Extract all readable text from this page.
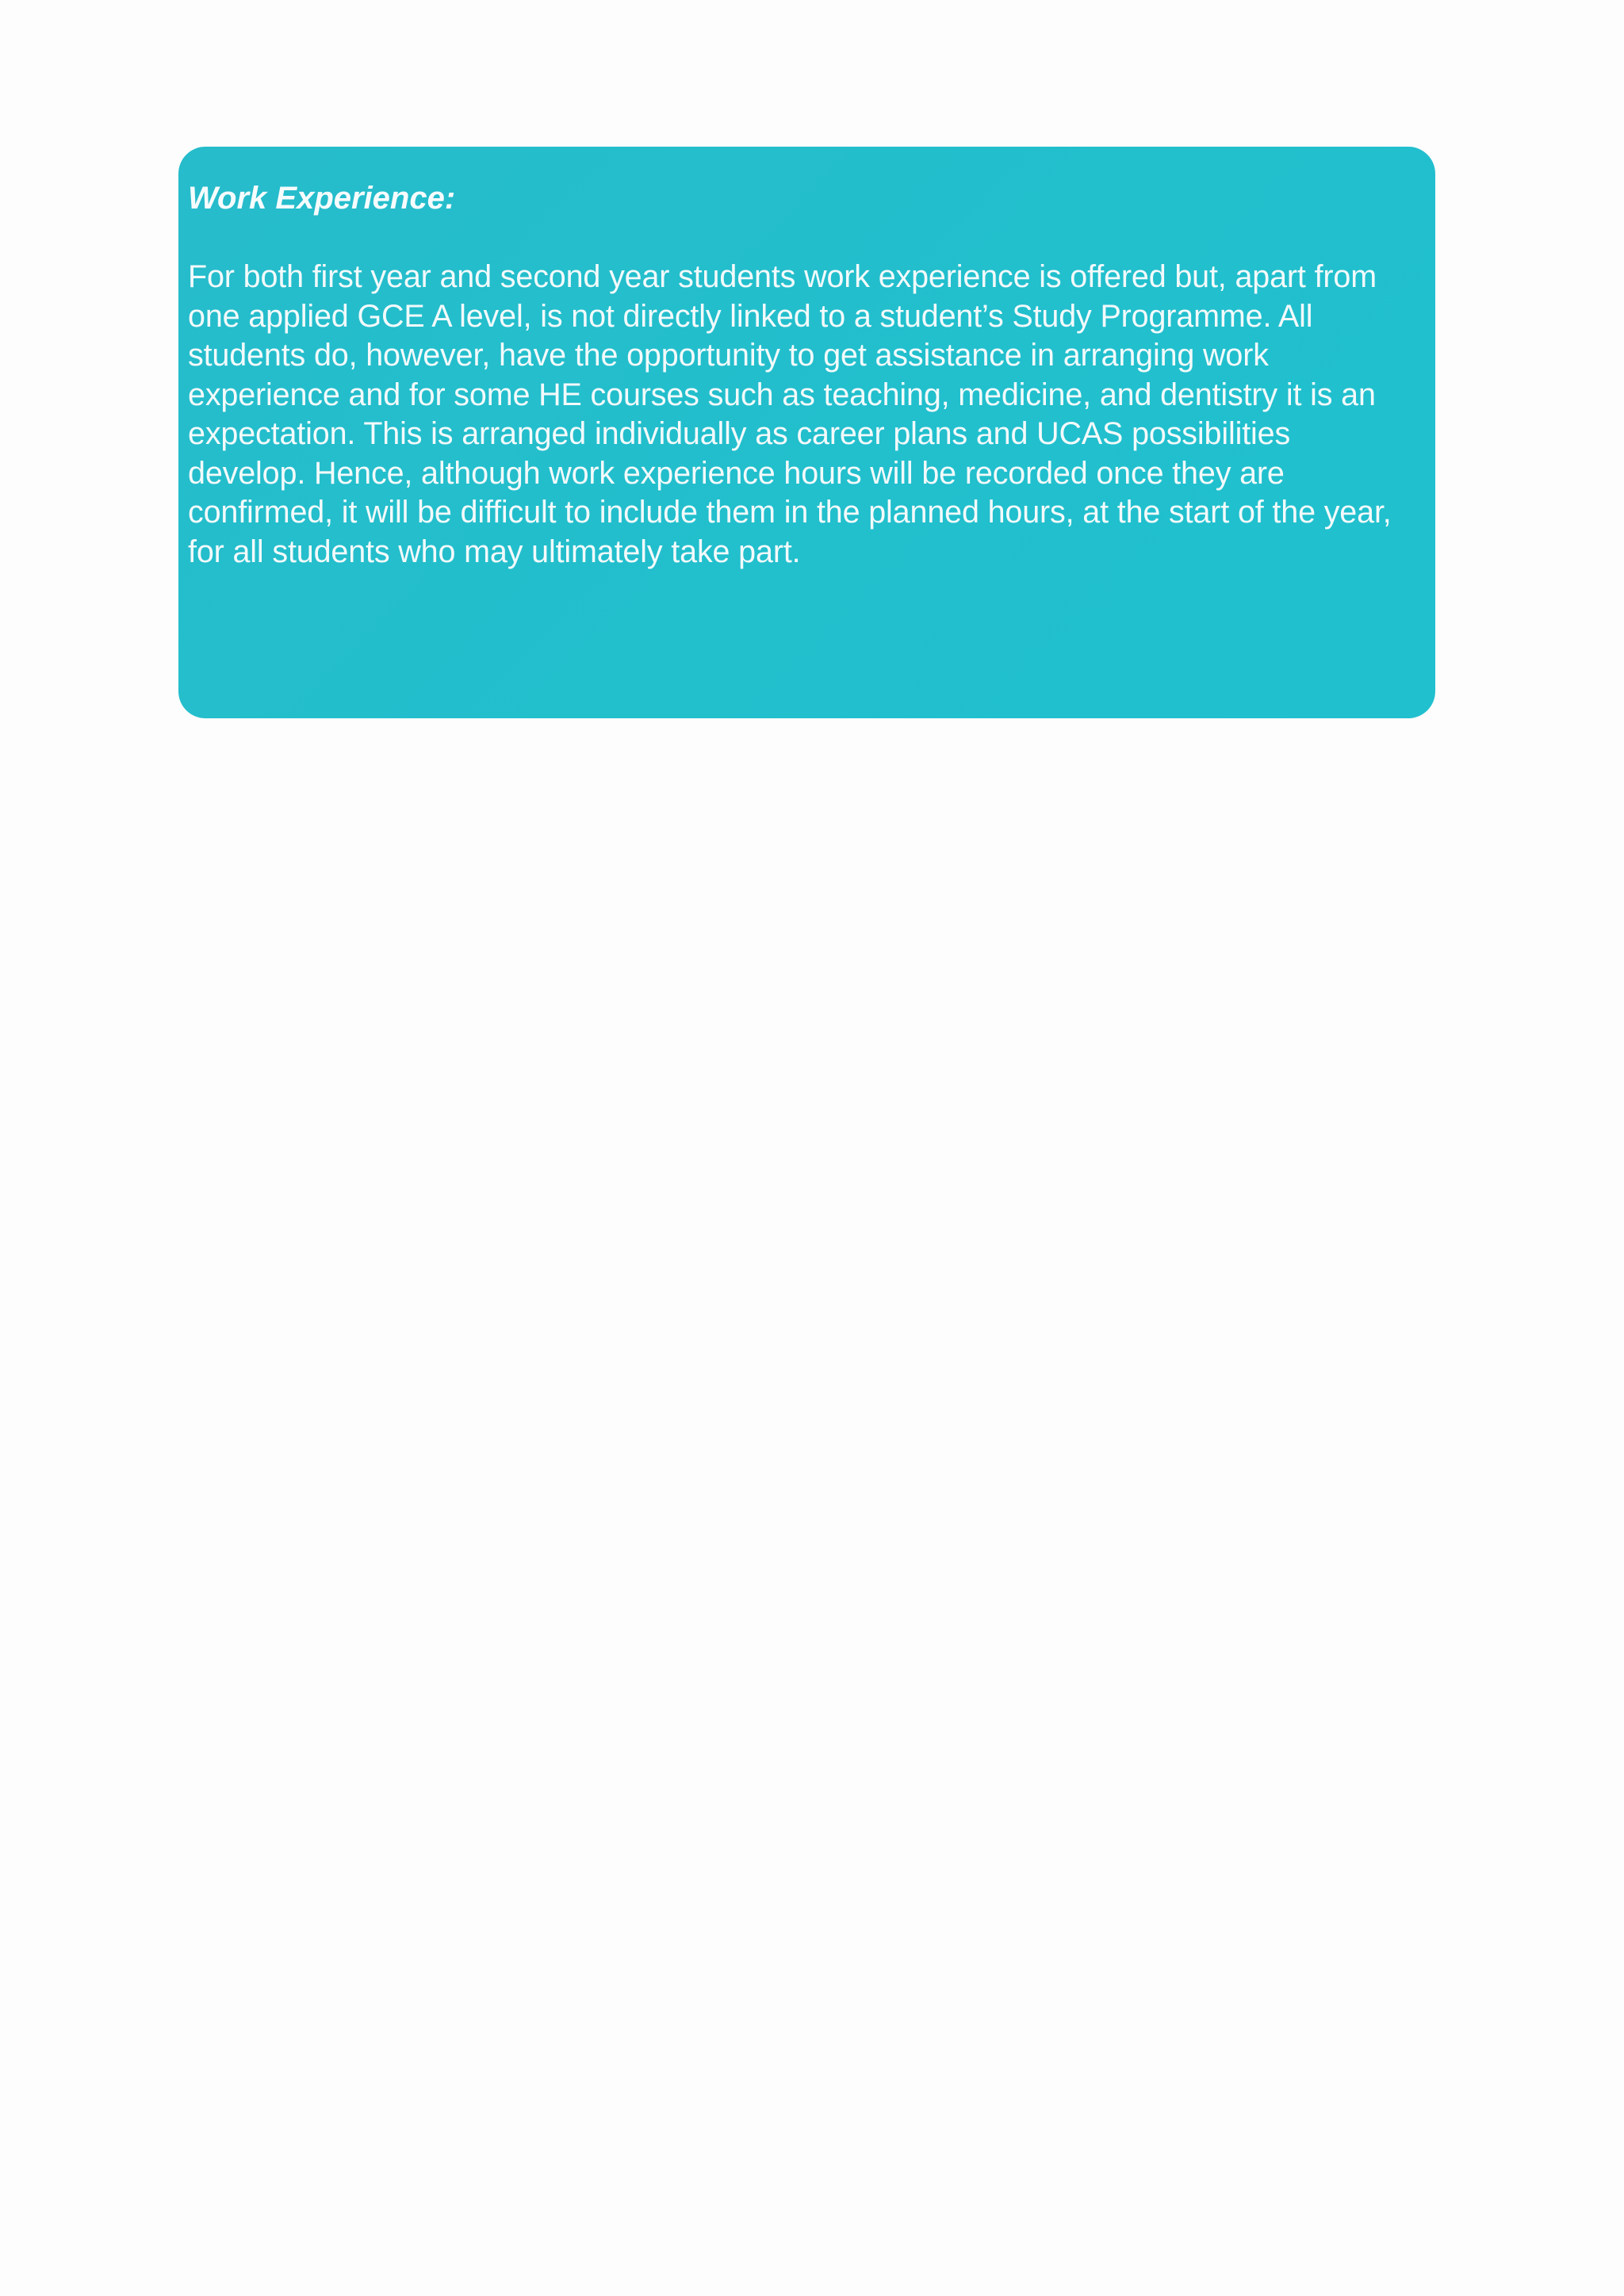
Work Experience:

For both first year and second year students work experience is offered but, apart from one applied GCE A level, is not directly linked to a student’s Study Programme. All students do, however, have the opportunity to get assistance in arranging work experience and for some HE courses such as teaching, medicine, and dentistry it is an expectation. This is arranged individually as career plans and UCAS possibilities develop. Hence, although work experience hours will be recorded once they are confirmed, it will be difficult to include them in the planned hours, at the start of the year, for all students who may ultimately take part.
